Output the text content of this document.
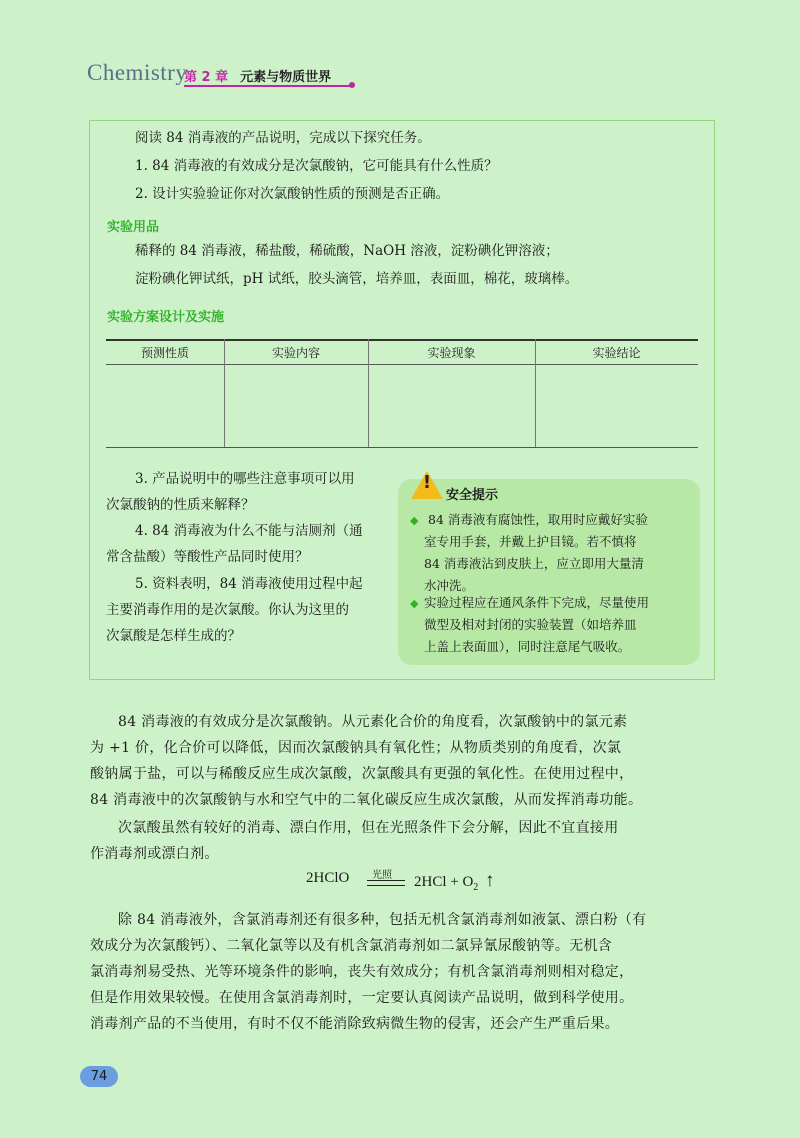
Chemistry
第 2 章 元素与物质世界
阅读 84 消毒液的产品说明，完成以下探究任务。
1. 84 消毒液的有效成分是次氯酸钠，它可能具有什么性质？
2. 设计实验验证你对次氯酸钠性质的预测是否正确。
实验用品
稀释的 84 消毒液，稀盐酸，稀硫酸，NaOH 溶液，淀粉碘化钾溶液；
淀粉碘化钾试纸，pH 试纸，胶头滴管，培养皿，表面皿，棉花，玻璃棒。
实验方案设计及实施
预测性质	实验内容	实验现象	实验结论
3. 产品说明中的哪些注意事项可以用
次氯酸钠的性质来解释？
4. 84 消毒液为什么不能与洁厕剂（通
常含盐酸）等酸性产品同时使用？
5. 资料表明，84 消毒液使用过程中起
主要消毒作用的是次氯酸。你认为这里的
次氯酸是怎样生成的？
!
安全提示
◆ 84 消毒液有腐蚀性，取用时应戴好实验
室专用手套，并戴上护目镜。若不慎将
84 消毒液沾到皮肤上，应立即用大量清
水冲洗。
◆ 实验过程应在通风条件下完成，尽量使用
微型及相对封闭的实验装置（如培养皿
上盖上表面皿），同时注意尾气吸收。
84 消毒液的有效成分是次氯酸钠。从元素化合价的角度看，次氯酸钠中的氯元素
为 +1 价，化合价可以降低，因而次氯酸钠具有氧化性；从物质类别的角度看，次氯
酸钠属于盐，可以与稀酸反应生成次氯酸，次氯酸具有更强的氧化性。在使用过程中，
84 消毒液中的次氯酸钠与水和空气中的二氧化碳反应生成次氯酸，从而发挥消毒功能。
次氯酸虽然有较好的消毒、漂白作用，但在光照条件下会分解，因此不宜直接用
作消毒剂或漂白剂。
2HClO 光照 $2HCl + O_2$ ↑
除 84 消毒液外，含氯消毒剂还有很多种，包括无机含氯消毒剂如液氯、漂白粉（有
效成分为次氯酸钙）、二氧化氯等以及有机含氯消毒剂如二氯异氰尿酸钠等。无机含
氯消毒剂易受热、光等环境条件的影响，丧失有效成分；有机含氯消毒剂则相对稳定，
但是作用效果较慢。在使用含氯消毒剂时，一定要认真阅读产品说明，做到科学使用。
消毒剂产品的不当使用，有时不仅不能消除致病微生物的侵害，还会产生严重后果。
74
